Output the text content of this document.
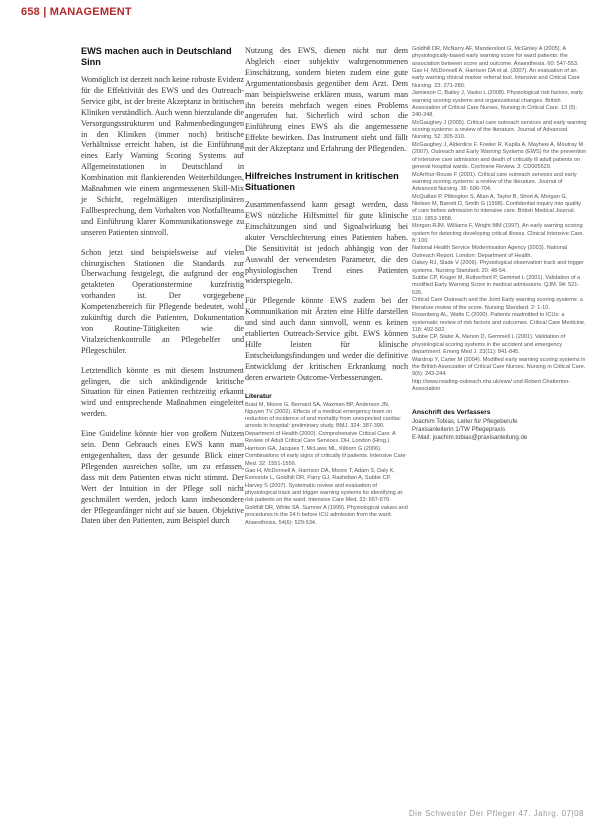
658 | MANAGEMENT
EWS machen auch in Deutschland Sinn

Womöglich ist derzeit noch keine robuste Evidenz für die Effektivität des EWS und des Outreach-Service gibt, ist der breite Akzeptanz in britischen Kliniken verständlich. Auch wenn hierzulande die Versorgungsstrukturen und Rahmenbedingungen in den Kliniken (immer noch) britische Verhältnisse erreicht haben, ist die Einführung eines Early Warning Scoring Systems auf Allgemeinstationen in Deutschland in Kombination mit flankierenden Weiterbildungen, Maßnahmen wie einem angemessenen Skill-Mix je Schicht, regelmäßigen interdisziplinären Fallbesprechung, dem Vorhalten von Notfallteams und Einführung klarer Kommunikationswege zu unseren Patienten sinnvoll.

Schon jetzt sind beispielsweise auf vielen chirurgischen Stationen die Standards zur Überwachung festgelegt, die aufgrund der eng getakteten Operationstermine kurzfristig vorhanden ist. Der vorgegebene Kompetenzbereich für Pflegende bedeutet, wohl zukünftig durch die Patienten, Dokumentation von Routine-Tätigkeiten wie die Vitalzeichenkontrolle an Pflegehelfer und Pflegeschüler.

Letztendlich könnte es mit diesem Instrument gelingen, die sich ankündigende kritische Situation für einen Patienten rechtzeitig erkannt wird und entsprechende Maßnahmen eingeleitet werden.

Eine Guideline könnte hier von großem Nutzen sein. Denn Gebrauch eines EWS kann man entgegenhalten, dass der gesunde Blick einer Pflegenden ausreichen sollte, um zu erfassen, dass mit dem Patienten etwas nicht stimmt. Der Wert der Intuition in der Pflege soll nicht geschmälert werden, jedoch kann insbesondere der Pflegeanfänger nicht auf sie bauen. Objektive Daten über den Patienten, zum Beispiel durch

Nutzung des EWS, dienen nicht nur dem Abgleich einer subjektiv wahrgenommenen Einschätzung, sondern bieten zudem eine gute Argumentationsbasis gegenüber dem Arzt. Dem man beispielsweise erklären muss, warum man ihn bereits mehrfach wegen eines Problems angerufen hat. Sicherlich wird schon die Einführung eines EWS als die angemessene Effekte bewirken. Das Instrument steht und fällt mit der Akzeptanz und Erfahrung der Pflegenden.

Hilfreiches Instrument in kritischen Situationen

Zusammenfassend kann gesagt werden, dass EWS nützliche Hilfsmittel für gute klinische Einschätzungen sind und Signalwirkung bei akuter Verschlechterung eines Patienten haben. Die Sensitivität ist jedoch abhängig von der Auswahl der verwendeten Parameter, die den physiologischen Trend eines Patienten widerspiegeln.

Für Pflegende könnte EWS zudem bei der Kommunikation mit Ärzten eine Hilfe darstellen und sind auch dann sinnvoll, wenn es keinen etablierten Outreach-Service gibt. EWS können Hilfe leisten für klinische Entscheidungsfindungen und weder die definitive Entwicklung der kritischen Erkrankung noch deren erwartete Outcome-Verbesserungen.

Literatur
Buist M, Moore G, Bernard SA, Waxman BP, Anderson JN, Nguyen TV (2002). Effects of a medical emergency team on reduction of incidence of and mortality from unexpected cardiac arrests in hospital: preliminary study. BMJ. 324: 387-390.
Department of Health (2000). Comprehensive Critical Care: A Review of Adult Critical Care Services. DH, London (Hrsg.).
Harrison GA, Jacques T, McLaws ML, Kilborn G (2006). Combinations of early signs of critically ill patients. Intensive Care Med. 32: 1551-1556.
Gao H, McDonnell A, Harrison DA, Moore T, Adam S, Daly K, Esmonde L, Goldhill DR, Parry GJ, Rashidian A, Subbe CP, Harvey S (2007). Systematic review and evaluation of physiological track and trigger warning systems for identifying at-risk patients on the ward. Intensive Care Med. 33: 667-679.
Goldhill DR, White SA, Sumner A (1999). Physiological values and procedures in the 24 h before ICU admission from the ward. Anaesthesia. 54(6): 529-534.
Goldhill DR, McNarry AF, Mandersloot G, McGinley A (2005). A physiologically-based early warning score for ward patients: the association between score and outcome. Anaesthesia. 60: 547-553.
Gao H, McDonnell A, Harrison DA et al. (2007). An evaluation of an early warning clinical marker referral tool. Intensive and Critical Care Nursing. 23: 271-280.
Jamieson C, Bailey J, Vasko L (2008). Physiological risk factors, early warning scoring systems and organizational changes. British Association of Critical Care Nurses, Nursing in Critical Care. 13 (5): 240-248.
McGaughey J (2005). Critical care outreach services and early warning scoring systems: a review of the literature. Journal of Advanced Nursing. 52: 305-310.
McGaughey J, Alderdice F, Fowler R, Kapila A, Mayhew A, Moutray M (2007). Outreach and Early Warning Systems (EWS) for the prevention of intensive care admission and death of critically ill adult patients on general hospital wards. Cochrane Review. 3: CD005529.
McArthur-Rouse F (2001). Critical care outreach services and early warning scoring systems: a review of the literature. Journal of Advanced Nursing. 36: 696-704.
McQuillan P, Pilkington S, Allan A, Taylor B, Short A, Morgan G, Nielsen M, Barrett D, Smith G (1998). Confidential inquiry into quality of care before admission to intensive care. British Medical Journal. 316: 1853-1858.
Morgan RJM, Williams F, Wright MM (1997). An early warning scoring system for detecting developing critical illness. Clinical Intensive Care. 8: 100.
National Health Service Modernisation Agency (2003). National Outreach Report. London: Department of Health.
Oakey RJ, Slade V (2006). Physiological observation track and trigger systems. Nursing Standard. 20: 48-54.
Subbe CP, Kruger M, Rutherford P, Gemmel L (2001). Validation of a modified Early Warning Score in medical admissions. QJM. 94: 521-526.
Critical Care Outreach and the Joint Early warning scoring systems: a literature review of the score. Nursing Standard. 2: 1-10.
Rosenberg AL, Watts C (2000). Patients readmitted to ICUs: a systematic review of risk factors and outcomes. Critical Care Medicine. 118: 492-502.
Subbe CP, Slater A, Menon D, Gemmell L (2001). Validation of physiological scoring systems in the accident and emergency department. Emerg Med J. 23(11): 841-845.
Wardrop Y, Carter M (2004). Modified early warning scoring systems in the British Association of Critical Care Nurses. Nursing in Critical Care. 9(6): 243-244.
http://www.reading-outreach.nhs.uk/ews/ und Robert Chatterton-Association
Anschrift des Verfassers
Joachim Tobias, Leiter für Pflegeberufe
Praxisanleiterin 1/TW Pflegepraxis
E-Mail: joachim.tobias@praxisanleitung.de
Die Schwester Der Pfleger 47. Jahrg. 07|08
